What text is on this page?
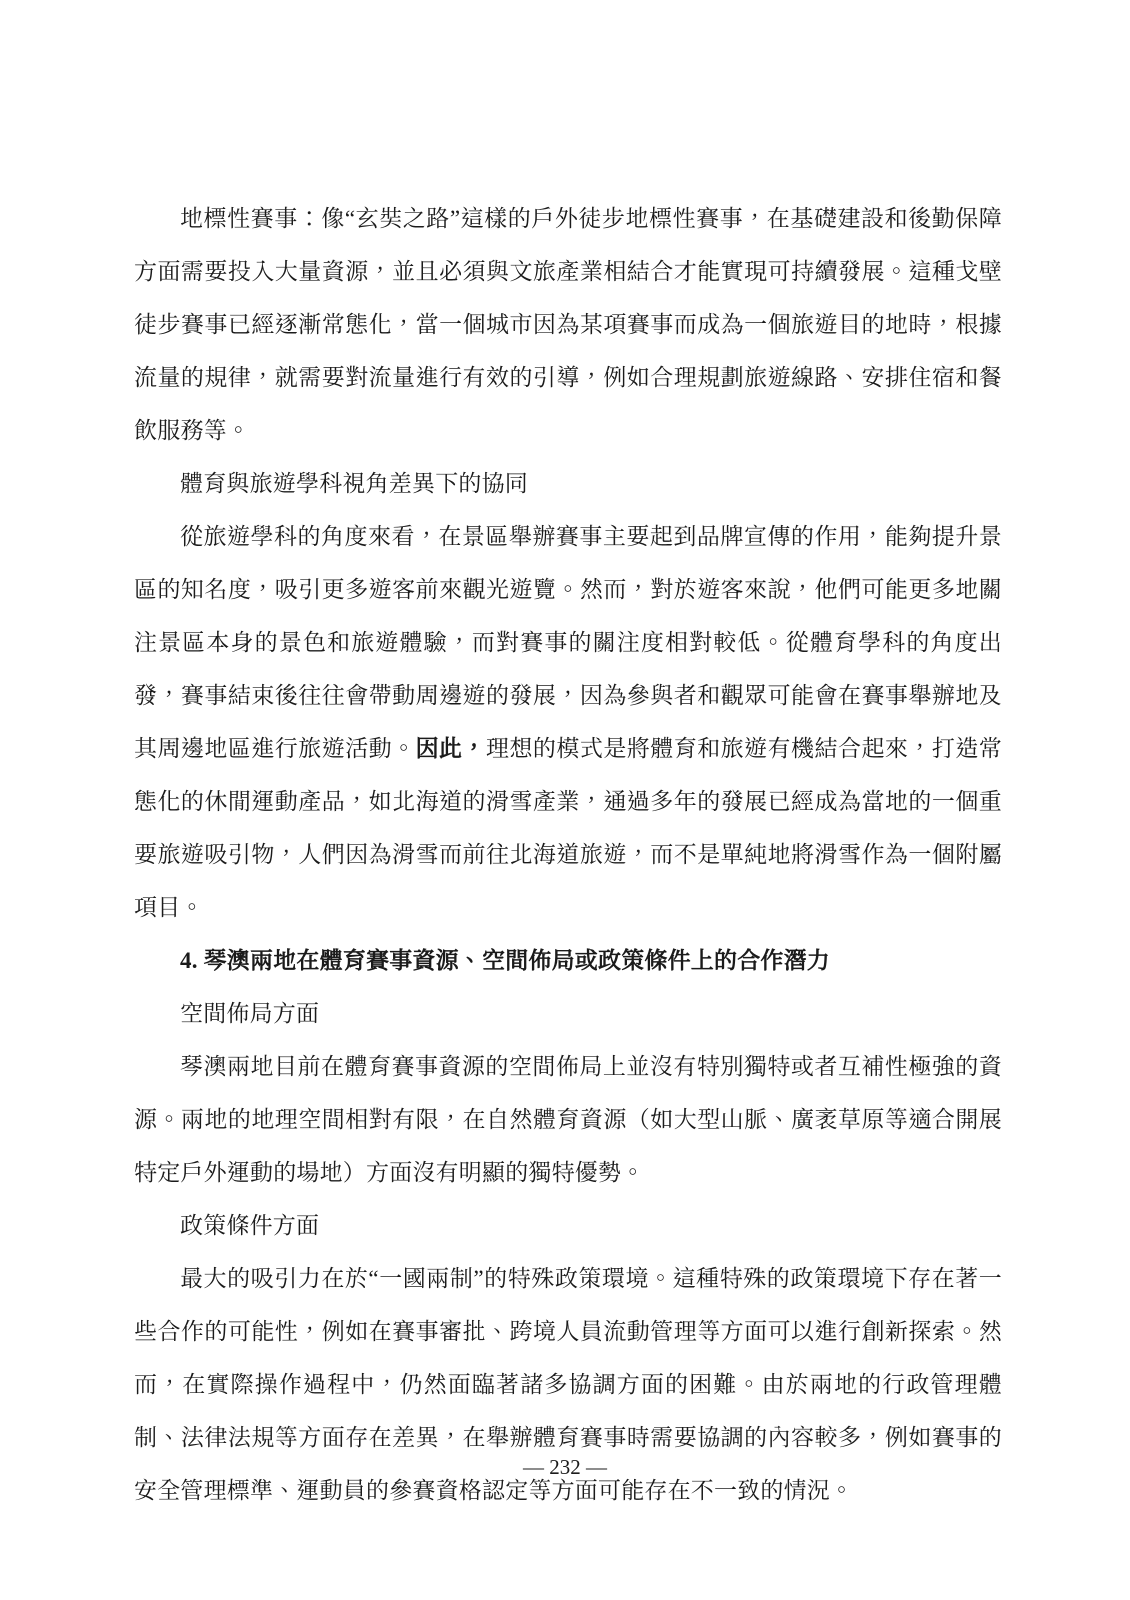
地標性賽事：像“玄奘之路”這樣的戶外徒步地標性賽事，在基礎建設和後勤保障方面需要投入大量資源，並且必須與文旅產業相結合才能實現可持續發展。這種戈壁徒步賽事已經逐漸常態化，當一個城市因為某項賽事而成為一個旅遊目的地時，根據流量的規律，就需要對流量進行有效的引導，例如合理規劃旅遊線路、安排住宿和餐飲服務等。

體育與旅遊學科視角差異下的協同

從旅遊學科的角度來看，在景區舉辦賽事主要起到品牌宣傳的作用，能夠提升景區的知名度，吸引更多遊客前來觀光遊覽。然而，對於遊客來說，他們可能更多地關注景區本身的景色和旅遊體驗，而對賽事的關注度相對較低。從體育學科的角度出發，賽事結束後往往會帶動周邊遊的發展，因為參與者和觀眾可能會在賽事舉辦地及其周邊地區進行旅遊活動。因此，理想的模式是將體育和旅遊有機結合起來，打造常態化的休閒運動產品，如北海道的滑雪產業，通過多年的發展已經成為當地的一個重要旅遊吸引物，人們因為滑雪而前往北海道旅遊，而不是單純地將滑雪作為一個附屬項目。

4. 琴澳兩地在體育賽事資源、空間佈局或政策條件上的合作潛力

空間佈局方面

琴澳兩地目前在體育賽事資源的空間佈局上並沒有特別獨特或者互補性極強的資源。兩地的地理空間相對有限，在自然體育資源（如大型山脈、廣袤草原等適合開展特定戶外運動的場地）方面沒有明顯的獨特優勢。

政策條件方面

最大的吸引力在於“一國兩制”的特殊政策環境。這種特殊的政策環境下存在著一些合作的可能性，例如在賽事審批、跨境人員流動管理等方面可以進行創新探索。然而，在實際操作過程中，仍然面臨著諸多協調方面的困難。由於兩地的行政管理體制、法律法規等方面存在差異，在舉辦體育賽事時需要協調的內容較多，例如賽事的安全管理標準、運動員的參賽資格認定等方面可能存在不一致的情況。

— 232 —
